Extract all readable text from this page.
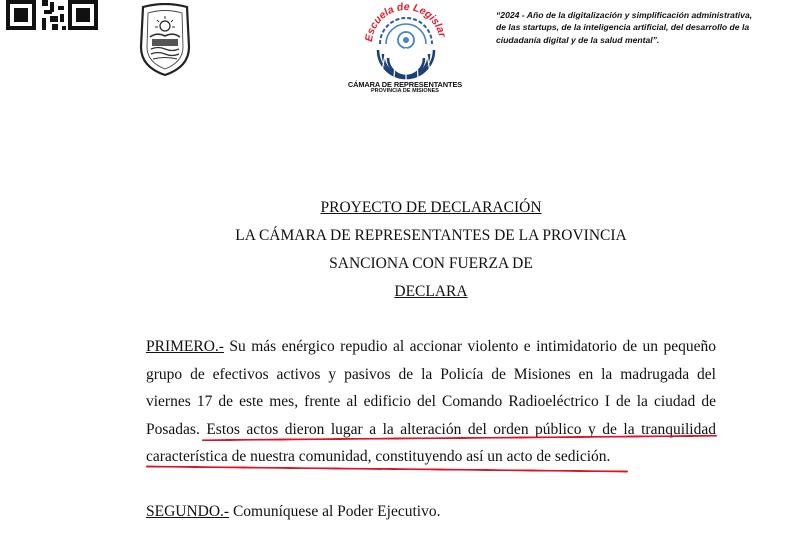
Escuela de Legislar
CÁMARA DE REPRESENTANTES
PROVINCIA DE MISIONES
“2024 - Año de la digitalización y simplificación administrativa,
de las startups, de la inteligencia artificial, del desarrollo de la
ciudadanía digital y de la salud mental”.
PROYECTO DE DECLARACIÓN
LA CÁMARA DE REPRESENTANTES DE LA PROVINCIA
SANCIONA CON FUERZA DE
DECLARA
PRIMERO.- Su más enérgico repudio al accionar violento e intimidatorio de un pequeño
grupo de efectivos activos y pasivos de la Policía de Misiones en la madrugada del
viernes 17 de este mes, frente al edificio del Comando Radioeléctrico I de la ciudad de
Posadas. Estos actos dieron lugar a la alteración del orden público y de la tranquilidad
característica de nuestra comunidad, constituyendo así un acto de sedición.
SEGUNDO.- Comuníquese al Poder Ejecutivo.
